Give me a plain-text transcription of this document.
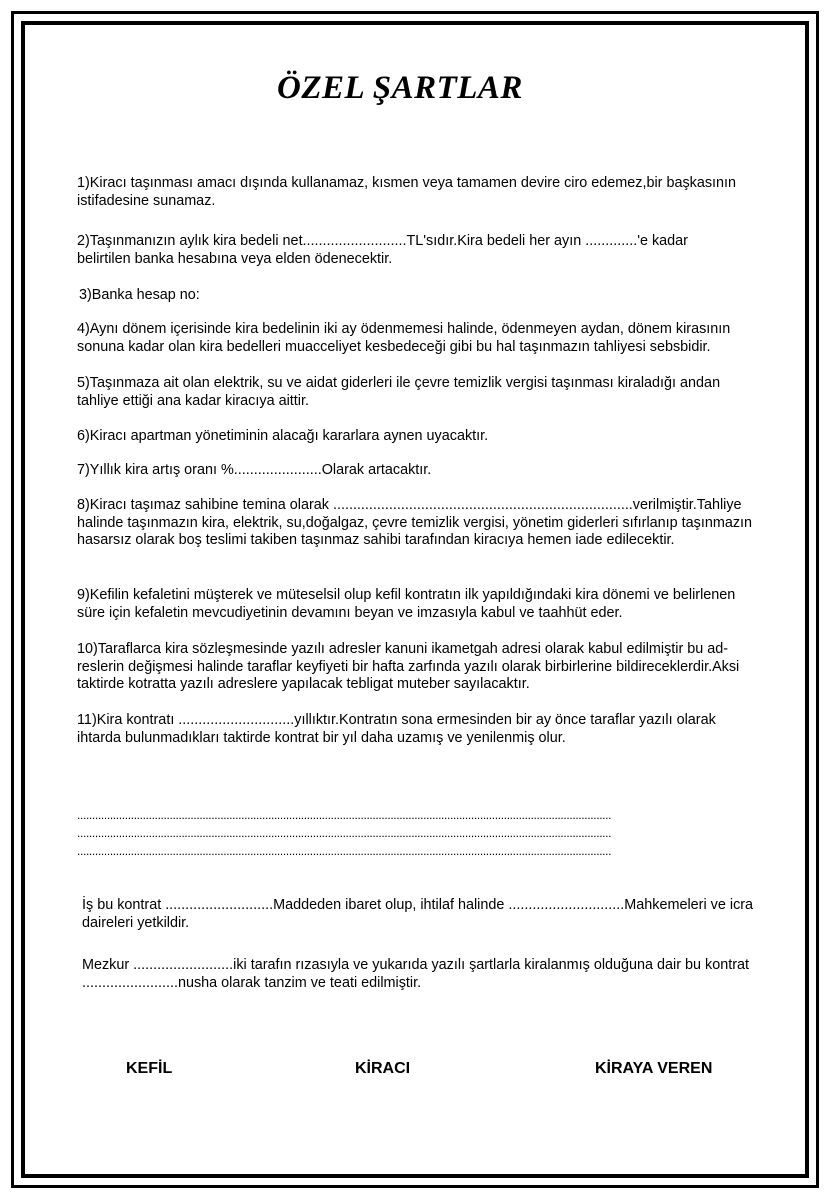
ÖZEL ŞARTLAR
1)Kiracı taşınması amacı dışında kullanamaz, kısmen veya tamamen devire ciro edemez,bir başkasının
istifadesine sunamaz.
2)Taşınmanızın aylık kira bedeli net..........................TL'sıdır.Kira bedeli her ayın .............'e kadar
belirtilen banka hesabına veya elden ödenecektir.
3)Banka hesap no:
4)Aynı dönem içerisinde kira bedelinin iki ay ödenmemesi halinde, ödenmeyen aydan, dönem kirasının
sonuna kadar olan kira bedelleri muacceliyet kesbedeceği gibi bu hal taşınmazın tahliyesi sebsbidir.
5)Taşınmaza ait olan elektrik, su ve aidat giderleri ile çevre temizlik vergisi taşınması kiraladığı andan
tahliye ettiği ana kadar kiracıya aittir.
6)Kiracı apartman yönetiminin alacağı kararlara aynen uyacaktır.
7)Yıllık kira artış oranı %......................Olarak artacaktır.
8)Kiracı taşımaz sahibine temina olarak ...........................................................................verilmiştir.Tahliye
halinde taşınmazın kira, elektrik, su,doğalgaz, çevre temizlik vergisi, yönetim giderleri sıfırlanıp taşınmazın
hasarsız olarak boş teslimi takiben taşınmaz sahibi tarafından kiracıya hemen iade edilecektir.
9)Kefilin kefaletini müşterek ve müteselsil olup kefil kontratın ilk yapıldığındaki kira dönemi ve belirlenen
süre için kefaletin mevcudiyetinin devamını beyan ve imzasıyla kabul ve taahhüt eder.
10)Taraflarca kira sözleşmesinde yazılı adresler kanuni ikametgah adresi olarak kabul edilmiştir bu ad-
reslerin değişmesi halinde taraflar keyfiyeti bir hafta zarfında yazılı olarak birbirlerine bildireceklerdir.Aksi
taktirde kotratta yazılı adreslere yapılacak tebligat muteber sayılacaktır.
11)Kira kontratı .............................yıllıktır.Kontratın sona ermesinden bir ay önce taraflar yazılı olarak
ihtarda bulunmadıkları taktirde kontrat bir yıl daha uzamış ve yenilenmiş olur.
...................................................................................................................................................................................
...................................................................................................................................................................................
...................................................................................................................................................................................
İş bu kontrat ...........................Maddeden ibaret olup, ihtilaf halinde .............................Mahkemeleri ve icra
daireleri yetkildir.
Mezkur .........................iki tarafın rızasıyla ve yukarıda yazılı şartlarla kiralanmış olduğuna dair bu kontrat
........................nusha olarak tanzim ve teati edilmiştir.
KEFİL	KİRACI	KİRAYA VEREN
